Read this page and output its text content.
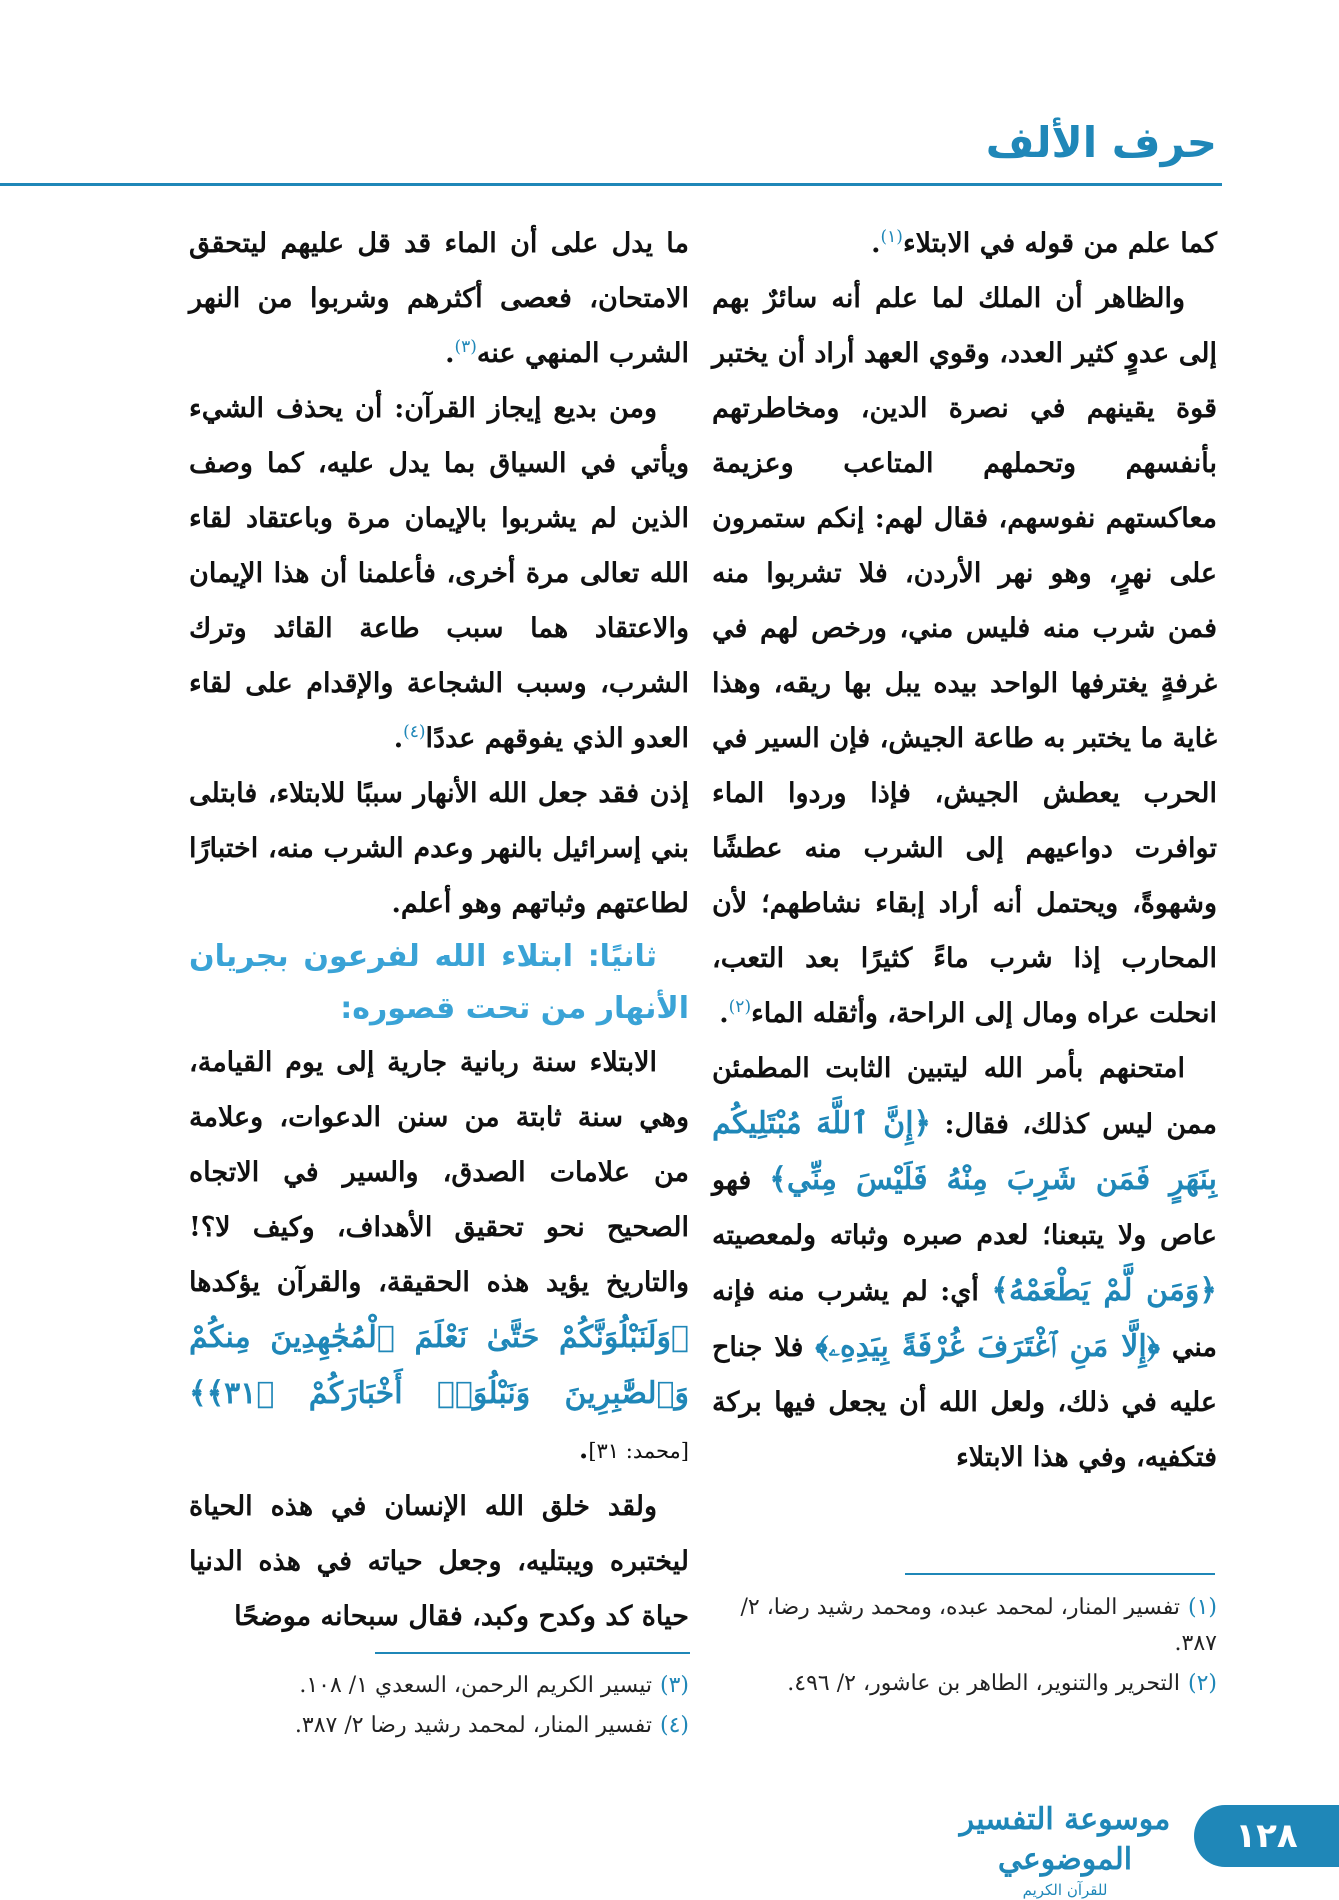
حرف الألف

كما علم من قوله في الابتلاء$^{(١)}$.

والظاهر أن الملك لما علم أنه سائرٌ بهم إلى عدوٍ كثير العدد، وقوي العهد أراد أن يختبر قوة يقينهم في نصرة الدين، ومخاطرتهم بأنفسهم وتحملهم المتاعب وعزيمة معاكستهم نفوسهم، فقال لهم: إنكم ستمرون على نهرٍ، وهو نهر الأردن، فلا تشربوا منه فمن شرب منه فليس مني، ورخص لهم في غرفةٍ يغترفها الواحد بيده يبل بها ريقه، وهذا غاية ما يختبر به طاعة الجيش، فإن السير في الحرب يعطش الجيش، فإذا وردوا الماء توافرت دواعيهم إلى الشرب منه عطشًا وشهوةً، ويحتمل أنه أراد إبقاء نشاطهم؛ لأن المحارب إذا شرب ماءً كثيرًا بعد التعب، انحلت عراه ومال إلى الراحة، وأثقله الماء$^{(٢)}$.

امتحنهم بأمر الله ليتبين الثابت المطمئن ممن ليس كذلك، فقال: ﴿إِنَّ ٱللَّهَ مُبْتَلِيكُم بِنَهَرٍ فَمَن شَرِبَ مِنْهُ فَلَيْسَ مِنِّي﴾ فهو عاص ولا يتبعنا؛ لعدم صبره وثباته ولمعصيته ﴿وَمَن لَّمْ يَطْعَمْهُ﴾ أي: لم يشرب منه فإنه مني ﴿إِلَّا مَنِ ٱغْتَرَفَ غُرْفَةً بِيَدِهِۦ﴾ فلا جناح عليه في ذلك، ولعل الله أن يجعل فيها بركة فتكفيه، وفي هذا الابتلاء

ما يدل على أن الماء قد قل عليهم ليتحقق الامتحان، فعصى أكثرهم وشربوا من النهر الشرب المنهي عنه$^{(٣)}$.

ومن بديع إيجاز القرآن: أن يحذف الشيء ويأتي في السياق بما يدل عليه، كما وصف الذين لم يشربوا بالإيمان مرة وباعتقاد لقاء الله تعالى مرة أخرى، فأعلمنا أن هذا الإيمان والاعتقاد هما سبب طاعة القائد وترك الشرب، وسبب الشجاعة والإقدام على لقاء العدو الذي يفوقهم عددًا$^{(٤)}$.

إذن فقد جعل الله الأنهار سببًا للابتلاء، فابتلى بني إسرائيل بالنهر وعدم الشرب منه، اختبارًا لطاعتهم وثباتهم وهو أعلم.

ثانيًا: ابتلاء الله لفرعون بجريان الأنهار من تحت قصوره:

الابتلاء سنة ربانية جارية إلى يوم القيامة، وهي سنة ثابتة من سنن الدعوات، وعلامة من علامات الصدق، والسير في الاتجاه الصحيح نحو تحقيق الأهداف، وكيف لا؟! والتاريخ يؤيد هذه الحقيقة، والقرآن يؤكدها ﴿وَلَنَبْلُوَنَّكُمْ حَتَّىٰ نَعْلَمَ ٱلْمُجَٰهِدِينَ مِنكُمْ وَٱلصَّٰبِرِينَ وَنَبْلُوَا۟ أَخْبَارَكُمْ ﴿٣١﴾﴾ [محمد: ٣١].

ولقد خلق الله الإنسان في هذه الحياة ليختبره ويبتليه، وجعل حياته في هذه الدنيا حياة كد وكدح وكبد، فقال سبحانه موضحًا	(١)تفسير المنار، لمحمد عبده، ومحمد رشيد رضا، ٢/ ٣٨٧.

(٢)التحرير والتنوير، الطاهر بن عاشور، ٢/ ٤٩٦.

(٣)تيسير الكريم الرحمن، السعدي ١/ ١٠٨.

(٤)تفسير المنار، لمحمد رشيد رضا ٢/ ٣٨٧.

موسوعة التفسير الموضوعي
للقرآن الكريم
١٢٨
